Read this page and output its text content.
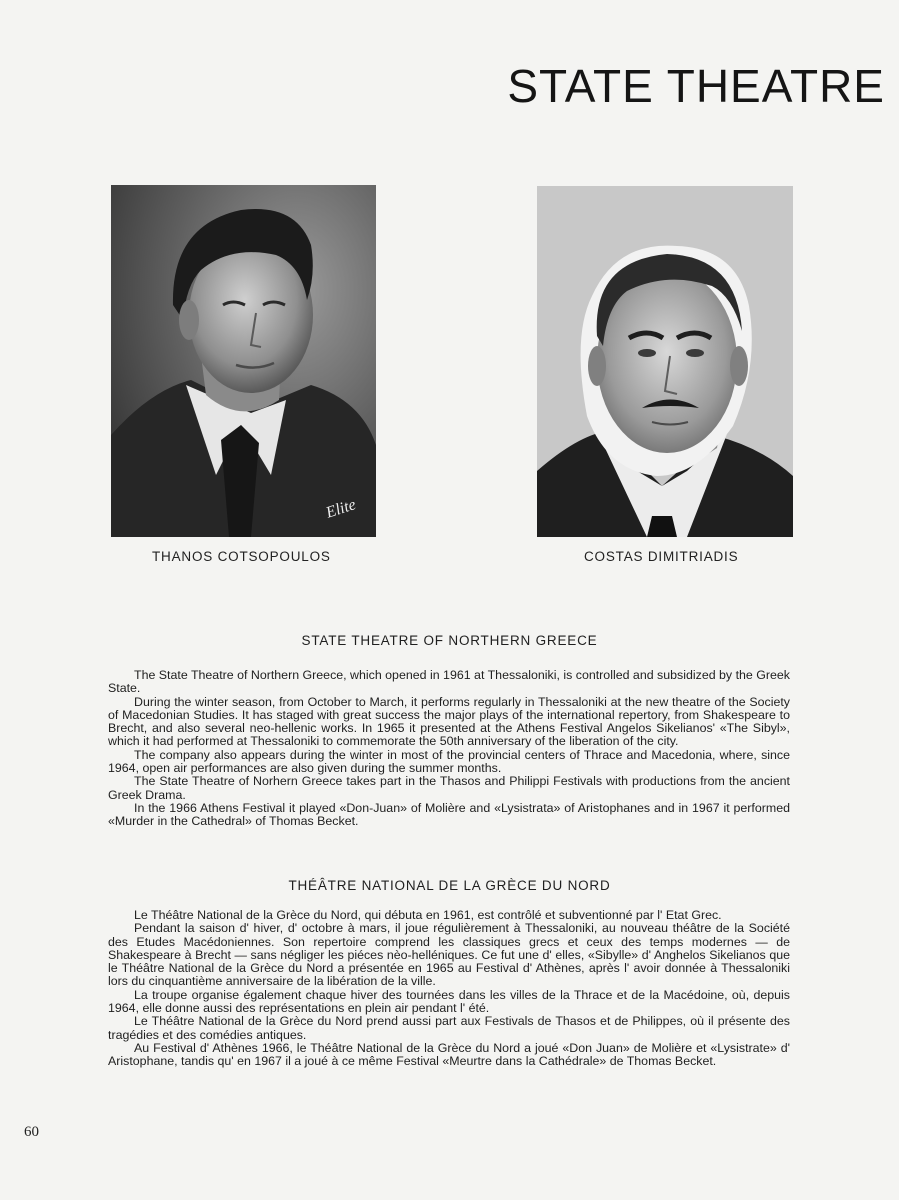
STATE THEATRE
Elite
THANOS COTSOPOULOS	COSTAS DIMITRIADIS
STATE THEATRE OF NORTHERN GREECE

The State Theatre of Northern Greece, which opened in 1961 at Thessaloniki, is controlled and subsidized by the Greek State.

During the winter season, from October to March, it performs regularly in Thessaloniki at the new theatre of the Society of Macedonian Studies. It has staged with great success the major plays of the international repertory, from Shakespeare to Brecht, and also several neo-hellenic works. In 1965 it presented at the Athens Festival Angelos Sikelianos' «The Sibyl», which it had performed at Thessaloniki to commemorate the 50th anniversary of the liberation of the city.

The company also appears during the winter in most of the provincial centers of Thrace and Macedonia, where, since 1964, open air performances are also given during the summer months.

The State Theatre of Norhern Greece takes part in the Thasos and Philippi Festivals with productions from the ancient Greek Drama.

In the 1966 Athens Festival it played «Don-Juan» of Molière and «Lysistrata» of Aristophanes and in 1967 it performed «Murder in the Cathedral» of Thomas Becket.

THÉÂTRE NATIONAL DE LA GRÈCE DU NORD

Le Théâtre National de la Grèce du Nord, qui débuta en 1961, est contrôlé et subventionné par l' Etat Grec.

Pendant la saison d' hiver, d' octobre à mars, il joue régulièrement à Thessaloniki, au nouveau théâtre de la Société des Etudes Macédoniennes. Son repertoire comprend les classiques grecs et ceux des temps modernes — de Shakespeare à Brecht — sans négliger les piéces nèo-helléniques. Ce fut une d' elles, «Sibylle» d' Anghelos Sikelianos que le Théâtre National de la Grèce du Nord a présentée en 1965 au Festival d' Athènes, après l' avoir donnée à Thessaloniki lors du cinquantième anniversaire de la libération de la ville.

La troupe organise également chaque hiver des tournées dans les villes de la Thrace et de la Macédoine, où, depuis 1964, elle donne aussi des représentations en plein air pendant l' été.

Le Théâtre National de la Grèce du Nord prend aussi part aux Festivals de Thasos et de Philippes, où il présente des tragédies et des comédies antiques.

Au Festival d' Athènes 1966, le Théâtre National de la Grèce du Nord a joué «Don Juan» de Molière et «Lysistrate» d' Aristophane, tandis qu' en 1967 il a joué à ce même Festival «Meurtre dans la Cathédrale» de Thomas Becket.

60
